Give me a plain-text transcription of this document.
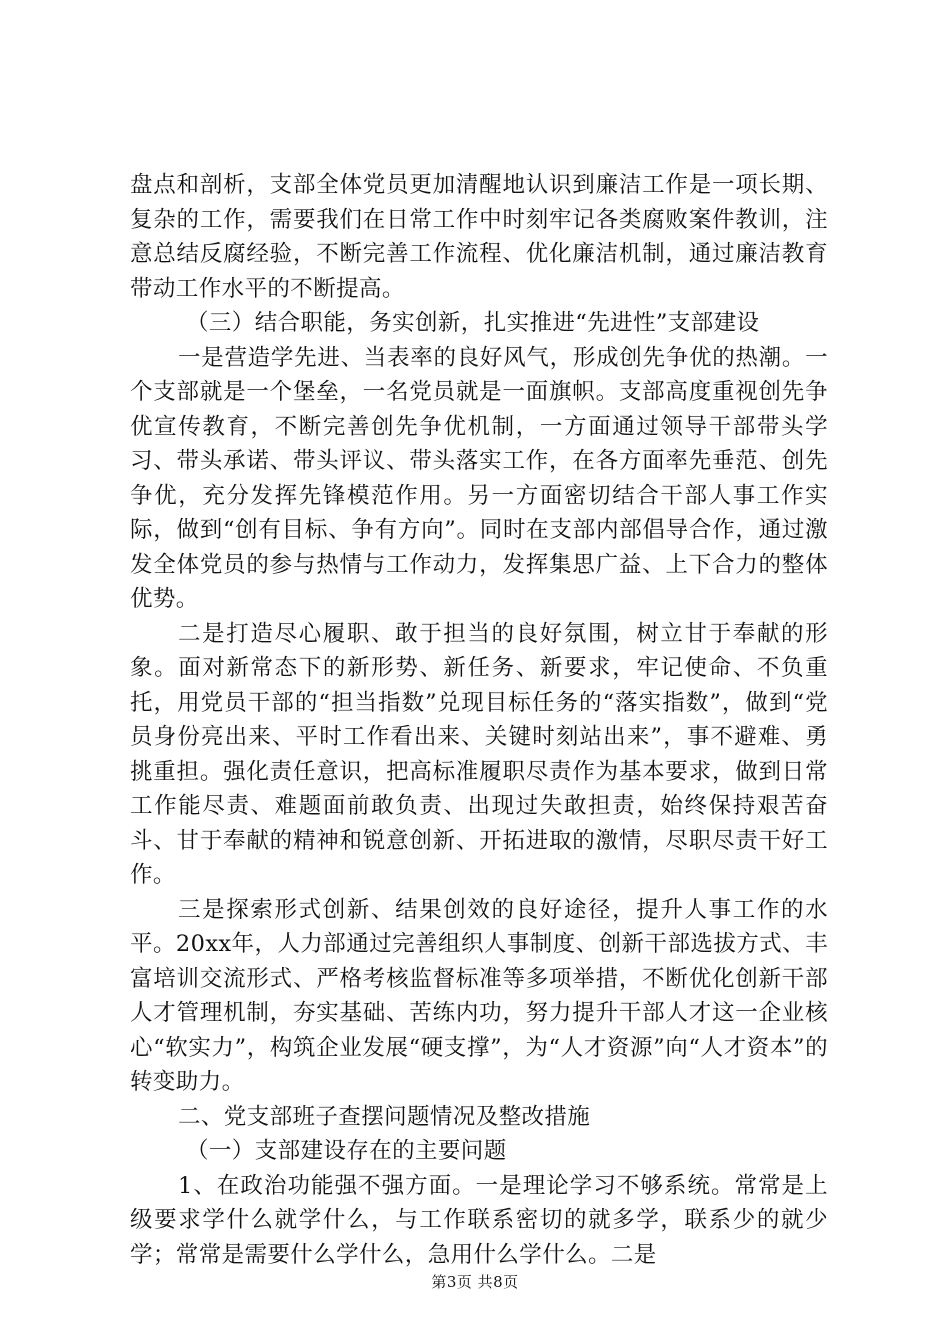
盘点和剖析，支部全体党员更加清醒地认识到廉洁工作是一项长期、复杂的工作，需要我们在日常工作中时刻牢记各类腐败案件教训，注意总结反腐经验，不断完善工作流程、优化廉洁机制，通过廉洁教育带动工作水平的不断提高。

（三）结合职能，务实创新，扎实推进“先进性”支部建设

一是营造学先进、当表率的良好风气，形成创先争优的热潮。一个支部就是一个堡垒，一名党员就是一面旗帜。支部高度重视创先争优宣传教育，不断完善创先争优机制，一方面通过领导干部带头学习、带头承诺、带头评议、带头落实工作，在各方面率先垂范、创先争优，充分发挥先锋模范作用。另一方面密切结合干部人事工作实际，做到“创有目标、争有方向”。同时在支部内部倡导合作，通过激发全体党员的参与热情与工作动力，发挥集思广益、上下合力的整体优势。

二是打造尽心履职、敢于担当的良好氛围，树立甘于奉献的形象。面对新常态下的新形势、新任务、新要求，牢记使命、不负重托，用党员干部的“担当指数”兑现目标任务的“落实指数”，做到“党员身份亮出来、平时工作看出来、关键时刻站出来”，事不避难、勇挑重担。强化责任意识，把高标准履职尽责作为基本要求，做到日常工作能尽责、难题面前敢负责、出现过失敢担责，始终保持艰苦奋斗、甘于奉献的精神和锐意创新、开拓进取的激情，尽职尽责干好工作。

三是探索形式创新、结果创效的良好途径，提升人事工作的水平。20xx年，人力部通过完善组织人事制度、创新干部选拔方式、丰富培训交流形式、严格考核监督标准等多项举措，不断优化创新干部人才管理机制，夯实基础、苦练内功，努力提升干部人才这一企业核心“软实力”，构筑企业发展“硬支撑”，为“人才资源”向“人才资本”的转变助力。

二、党支部班子查摆问题情况及整改措施

（一）支部建设存在的主要问题

1、在政治功能强不强方面。一是理论学习不够系统。常常是上级要求学什么就学什么，与工作联系密切的就多学，联系少的就少学；常常是需要什么学什么，急用什么学什么。二是

第3页 共8页
